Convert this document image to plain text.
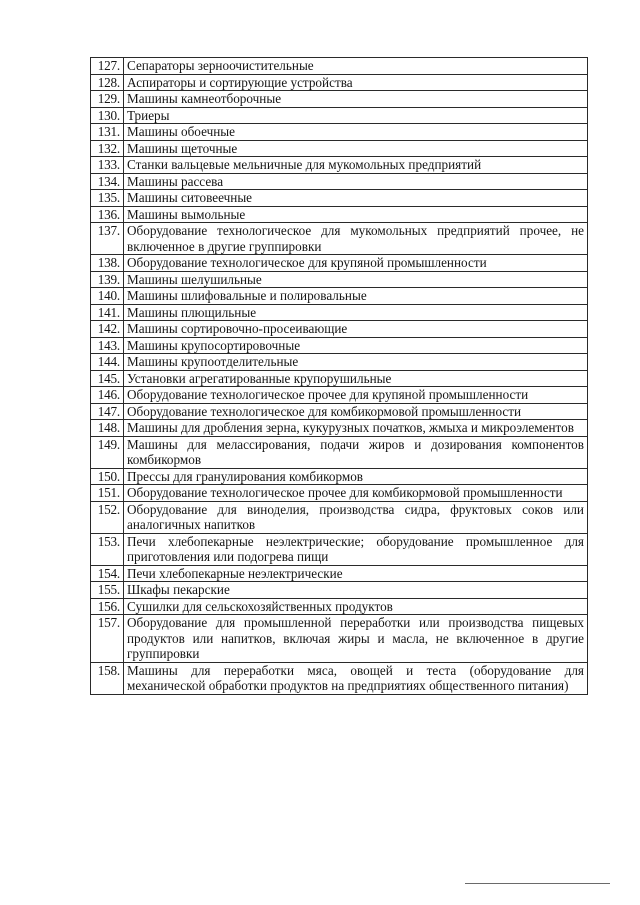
127.	Сепараторы зерноочистительные
128.	Аспираторы и сортирующие устройства
129.	Машины камнеотборочные
130.	Триеры
131.	Машины обоечные
132.	Машины щеточные
133.	Станки вальцевые мельничные для мукомольных предприятий
134.	Машины рассева
135.	Машины ситовеечные
136.	Машины вымольные
137.	Оборудование технологическое для мукомольных предприятий прочее, не включенное в другие группировки
138.	Оборудование технологическое для крупяной промышленности
139.	Машины шелушильные
140.	Машины шлифовальные и полировальные
141.	Машины плющильные
142.	Машины сортировочно-просеивающие
143.	Машины крупосортировочные
144.	Машины крупоотделительные
145.	Установки агрегатированные крупорушильные
146.	Оборудование технологическое прочее для крупяной промышленности
147.	Оборудование технологическое для комбикормовой промышленности
148.	Машины для дробления зерна, кукурузных початков, жмыха и микроэлементов
149.	Машины для мелассирования, подачи жиров и дозирования компонентов комбикормов
150.	Прессы для гранулирования комбикормов
151.	Оборудование технологическое прочее для комбикормовой промышленности
152.	Оборудование для виноделия, производства сидра, фруктовых соков или аналогичных напитков
153.	Печи хлебопекарные неэлектрические; оборудование промышленное для приготовления или подогрева пищи
154.	Печи хлебопекарные неэлектрические
155.	Шкафы пекарские
156.	Сушилки для сельскохозяйственных продуктов
157.	Оборудование для промышленной переработки или производства пищевых продуктов или напитков, включая жиры и масла, не включенное в другие группировки
158.	Машины для переработки мяса, овощей и теста (оборудование для механической обработки продуктов на предприятиях общественного питания)
